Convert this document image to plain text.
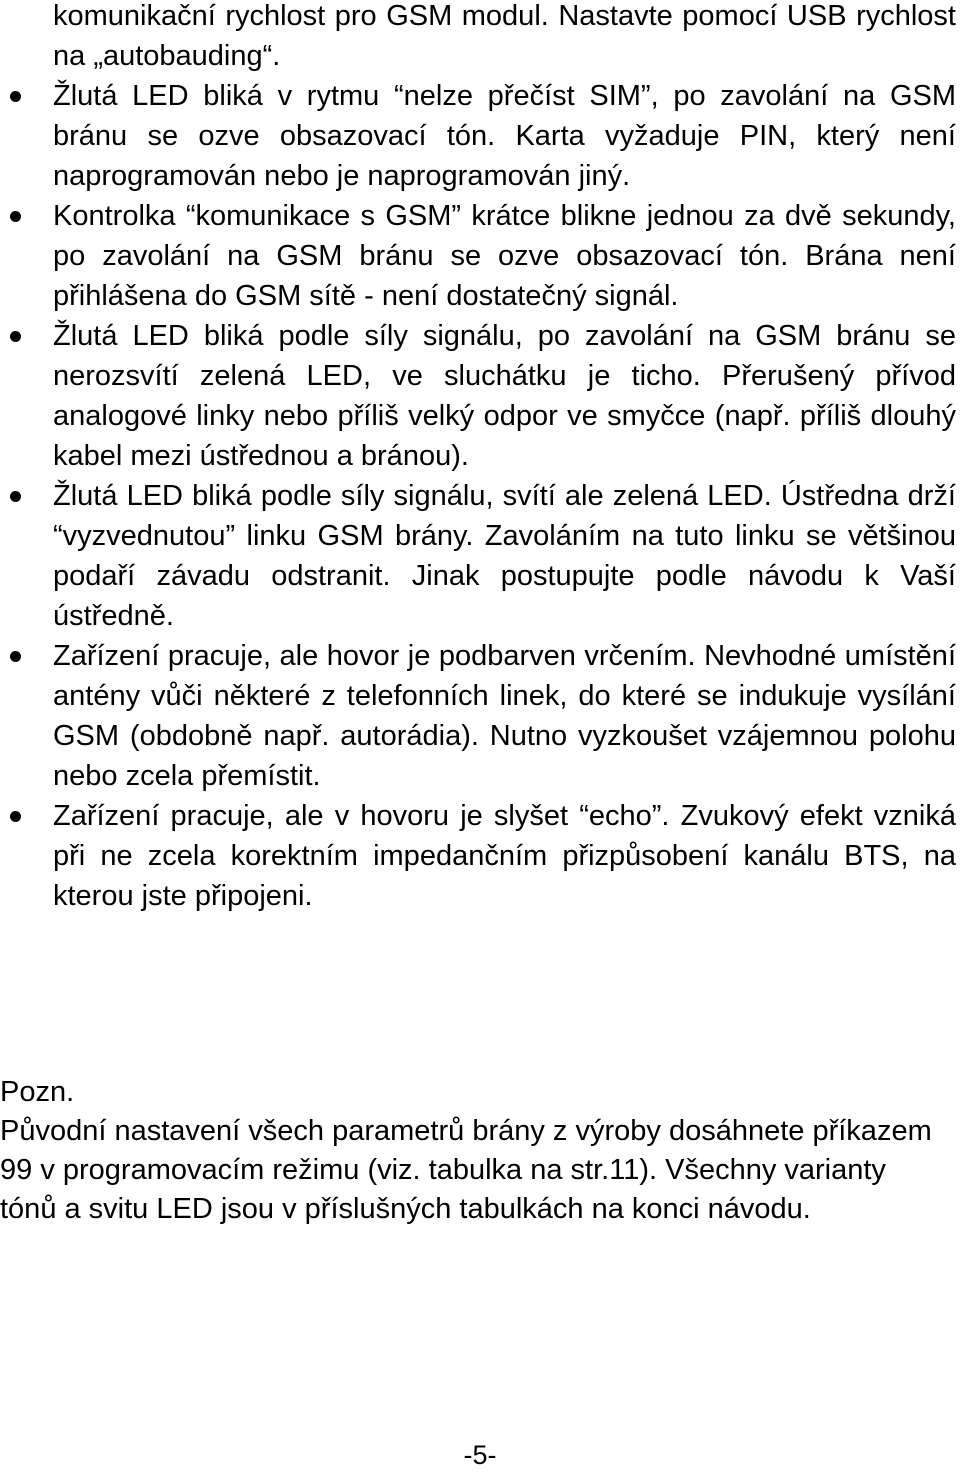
komunikační rychlost pro GSM modul. Nastavte pomocí USB rychlost na „autobauding“.

Žlutá LED bliká v rytmu “nelze přečíst SIM”, po zavolání na GSM bránu se ozve obsazovací tón. Karta vyžaduje PIN, který není naprogramován nebo je naprogramován jiný.
Kontrolka “komunikace s GSM” krátce blikne jednou za dvě sekundy, po zavolání na GSM bránu se ozve obsazovací tón. Brána není přihlášena do GSM sítě - není dostatečný signál.
Žlutá LED bliká podle síly signálu, po zavolání na GSM bránu se nerozsvítí zelená LED, ve sluchátku je ticho. Přerušený přívod analogové linky nebo příliš velký odpor ve smyčce (např. příliš dlouhý kabel mezi ústřednou a bránou).
Žlutá LED bliká podle síly signálu, svítí ale zelená LED. Ústředna drží “vyzvednutou” linku GSM brány. Zavoláním na tuto linku se většinou podaří závadu odstranit. Jinak postupujte podle návodu k Vaší ústředně.
Zařízení pracuje, ale hovor je podbarven vrčením. Nevhodné umístění antény vůči některé z telefonních linek, do které se indukuje vysílání GSM (obdobně např. autorádia). Nutno vyzkoušet vzájemnou polohu nebo zcela přemístit.
Zařízení pracuje, ale v hovoru je slyšet “echo”. Zvukový efekt vzniká při ne zcela korektním impedančním přizpůsobení kanálu BTS, na kterou jste připojeni.
Pozn.
Původní nastavení všech parametrů brány z výroby dosáhnete příkazem 99 v programovacím režimu (viz. tabulka na str.11). Všechny varianty tónů a svitu LED jsou v příslušných tabulkách na konci návodu.
-5-
